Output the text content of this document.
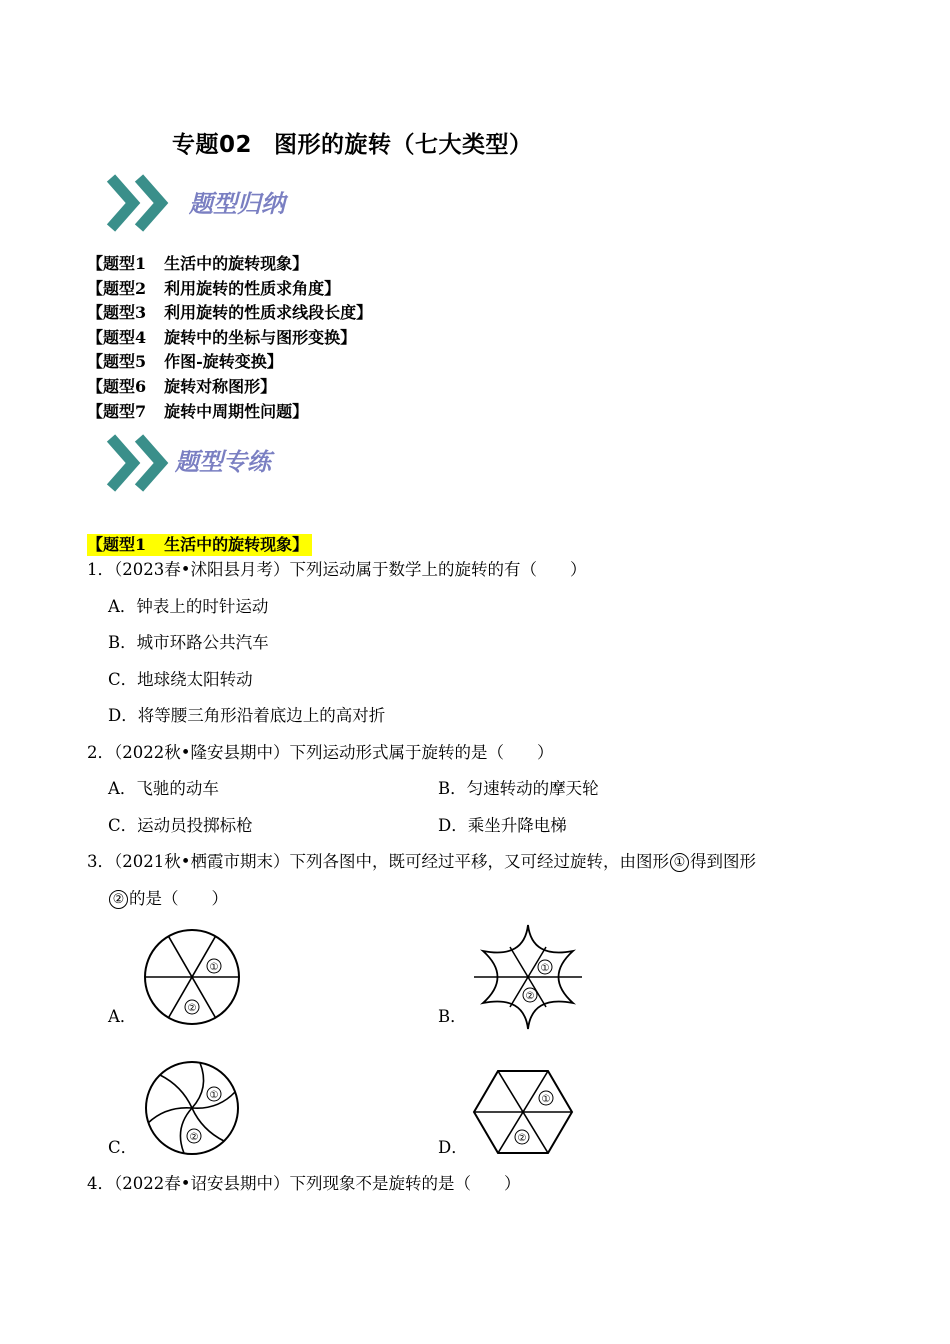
专题02 图形的旋转（七大类型）
题型归纳
【题型1 生活中的旋转现象】
【题型2 利用旋转的性质求角度】
【题型3 利用旋转的性质求线段长度】
【题型4 旋转中的坐标与图形变换】
【题型5 作图-旋转变换】
【题型6 旋转对称图形】
【题型7 旋转中周期性问题】
题型专练
【题型1 生活中的旋转现象】
1．（2023春•沭阳县月考）下列运动属于数学上的旋转的有（　　）
A．钟表上的时针运动
B．城市环路公共汽车
C．地球绕太阳转动
D．将等腰三角形沿着底边上的高对折
2．（2022秋•隆安县期中）下列运动形式属于旋转的是（　　）
A．飞驰的动车	B．匀速转动的摩天轮
C．运动员投掷标枪	D．乘坐升降电梯
3．（2021秋•栖霞市期末）下列各图中，既可经过平移，又可经过旋转，由图形 ① 得到图形
② 的是（　　）
A．	B．
C．	D．
①
②
①
②
①
②
①
②
4．（2022春•诏安县期中）下列现象不是旋转的是（　　）
